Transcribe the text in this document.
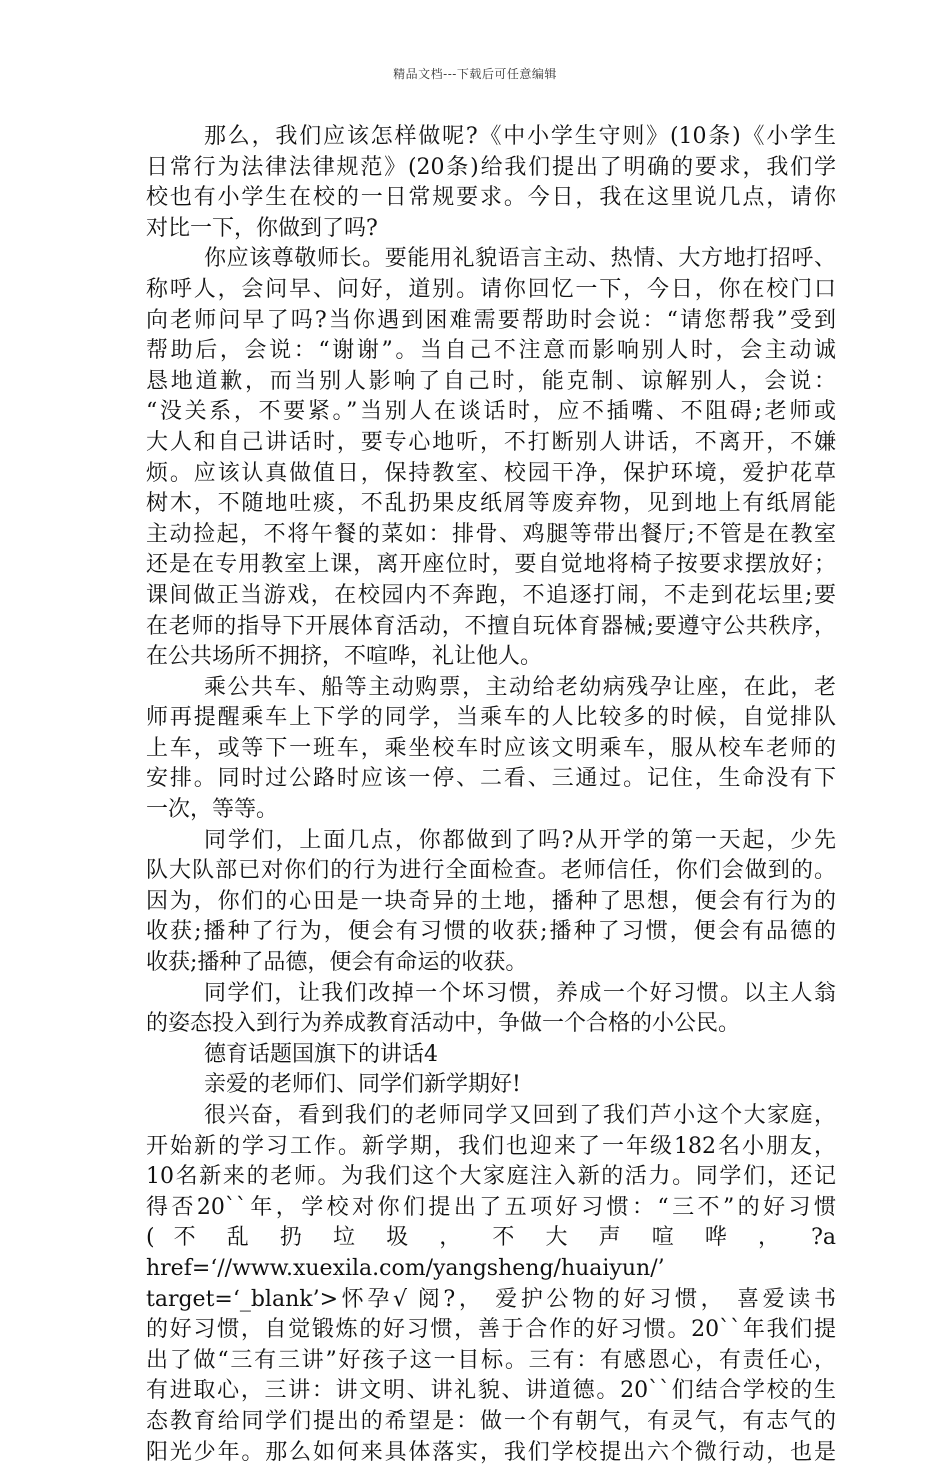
精品文档---下载后可任意编辑
那么，我们应该怎样做呢?《中小学生守则》(10条)《小学生
日常行为法律法律规范》(20条)给我们提出了明确的要求，我们学
校也有小学生在校的一日常规要求。今日，我在这里说几点，请你
对比一下，你做到了吗?
你应该尊敬师长。要能用礼貌语言主动、热情、大方地打招呼、
称呼人，会问早、问好，道别。请你回忆一下，今日，你在校门口
向老师问早了吗?当你遇到困难需要帮助时会说：“请您帮我”受到
帮助后，会说：“谢谢”。当自己不注意而影响别人时，会主动诚
恳地道歉，而当别人影响了自己时，能克制、谅解别人，会说：
“没关系，不要紧。”当别人在谈话时，应不插嘴、不阻碍;老师或
大人和自己讲话时，要专心地听，不打断别人讲话，不离开，不嫌
烦。应该认真做值日，保持教室、校园干净，保护环境，爱护花草
树木，不随地吐痰，不乱扔果皮纸屑等废弃物，见到地上有纸屑能
主动捡起，不将午餐的菜如：排骨、鸡腿等带出餐厅;不管是在教室
还是在专用教室上课，离开座位时，要自觉地将椅子按要求摆放好；
课间做正当游戏，在校园内不奔跑，不追逐打闹，不走到花坛里;要
在老师的指导下开展体育活动，不擅自玩体育器械;要遵守公共秩序，
在公共场所不拥挤，不喧哗，礼让他人。
乘公共车、船等主动购票，主动给老幼病残孕让座，在此，老
师再提醒乘车上下学的同学，当乘车的人比较多的时候，自觉排队
上车，或等下一班车，乘坐校车时应该文明乘车，服从校车老师的
安排。同时过公路时应该一停、二看、三通过。记住，生命没有下
一次，等等。
同学们，上面几点，你都做到了吗?从开学的第一天起，少先
队大队部已对你们的行为进行全面检查。老师信任，你们会做到的。
因为，你们的心田是一块奇异的土地，播种了思想，便会有行为的
收获;播种了行为，便会有习惯的收获;播种了习惯，便会有品德的
收获;播种了品德，便会有命运的收获。
同学们，让我们改掉一个坏习惯，养成一个好习惯。以主人翁
的姿态投入到行为养成教育活动中，争做一个合格的小公民。
德育话题国旗下的讲话4
亲爱的老师们、同学们新学期好!
很兴奋，看到我们的老师同学又回到了我们芦小这个大家庭，
开始新的学习工作。新学期，我们也迎来了一年级182名小朋友，
10名新来的老师。为我们这个大家庭注入新的活力。同学们，还记
得否20``年，学校对你们提出了五项好习惯：“三不”的好习惯
( 不 乱 扔 垃 圾 ， 不 大 声 喧 哗 ， ?a
href=‘//www.xuexila.com/yangsheng/huaiyun/’
target=‘_blank’>怀孕√ 阅?， 爱护公物的好习惯， 喜爱读书
的好习惯，自觉锻炼的好习惯，善于合作的好习惯。20``年我们提
出了做“三有三讲”好孩子这一目标。三有：有感恩心，有责任心，
有进取心，三讲：讲文明、讲礼貌、讲道德。20``们结合学校的生
态教育给同学们提出的希望是：做一个有朝气，有灵气，有志气的
阳光少年。那么如何来具体落实，我们学校提出六个微行动，也是
